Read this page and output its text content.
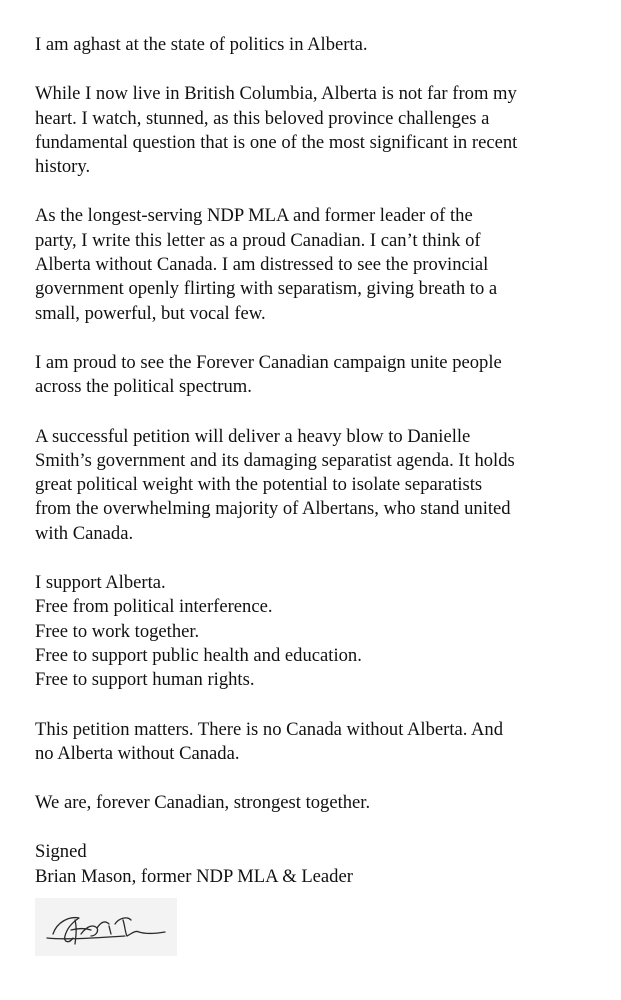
I am aghast at the state of politics in Alberta.

While I now live in British Columbia, Alberta is not far from my
heart. I watch, stunned, as this beloved province challenges a
fundamental question that is one of the most significant in recent
history.

As the longest-serving NDP MLA and former leader of the
party, I write this letter as a proud Canadian. I can’t think of
Alberta without Canada. I am distressed to see the provincial
government openly flirting with separatism, giving breath to a
small, powerful, but vocal few.

I am proud to see the Forever Canadian campaign unite people
across the political spectrum.

A successful petition will deliver a heavy blow to Danielle
Smith’s government and its damaging separatist agenda. It holds
great political weight with the potential to isolate separatists
from the overwhelming majority of Albertans, who stand united
with Canada.

I support Alberta.
Free from political interference.
Free to work together.
Free to support public health and education.
Free to support human rights.

This petition matters. There is no Canada without Alberta. And
no Alberta without Canada.

We are, forever Canadian, strongest together.

Signed
Brian Mason, former NDP MLA & Leader
